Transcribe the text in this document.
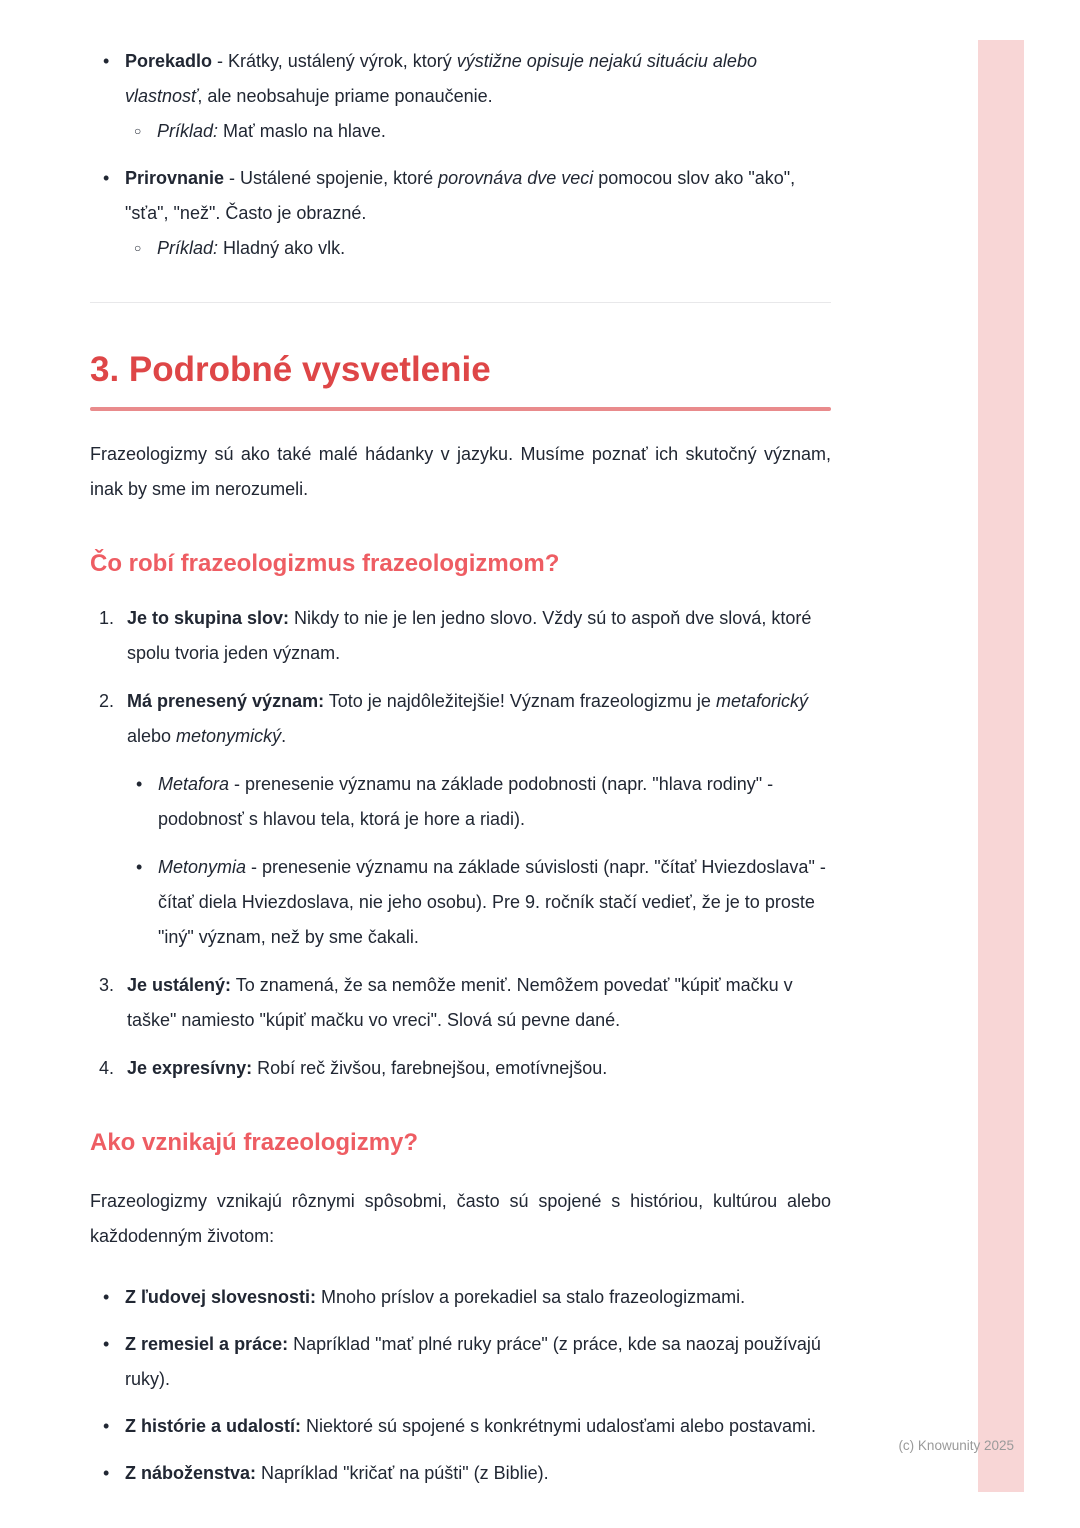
• Porekadlo - Krátky, ustálený výrok, ktorý výstižne opisuje nejakú situáciu alebo vlastnosť, ale neobsahuje priame ponaučenie.

○ Príklad: Mať maslo na hlave.

• Prirovnanie - Ustálené spojenie, ktoré porovnáva dve veci pomocou slov ako "ako", "sťa", "než". Často je obrazné.

○ Príklad: Hladný ako vlk.

3. Podrobné vysvetlenie

Frazeologizmy sú ako také malé hádanky v jazyku. Musíme poznať ich skutočný význam, inak by sme im nerozumeli.

Čo robí frazeologizmus frazeologizmom?
1. Je to skupina slov: Nikdy to nie je len jedno slovo. Vždy sú to aspoň dve slová, ktoré spolu tvoria jeden význam.

2. Má prenesený význam: Toto je najdôležitejšie! Význam frazeologizmu je metaforický alebo metonymický.

• Metafora - prenesenie významu na základe podobnosti (napr. "hlava rodiny" - podobnosť s hlavou tela, ktorá je hore a riadi).

• Metonymia - prenesenie významu na základe súvislosti (napr. "čítať Hviezdoslava" - čítať diela Hviezdoslava, nie jeho osobu). Pre 9. ročník stačí vedieť, že je to proste "iný" význam, než by sme čakali.

3. Je ustálený: To znamená, že sa nemôže meniť. Nemôžem povedať "kúpiť mačku v taške" namiesto "kúpiť mačku vo vreci". Slová sú pevne dané.

4. Je expresívny: Robí reč živšou, farebnejšou, emotívnejšou.

Ako vznikajú frazeologizmy?

Frazeologizmy vznikajú rôznymi spôsobmi, často sú spojené s históriou, kultúrou alebo každodenným životom:

• Z ľudovej slovesnosti: Mnoho príslov a porekadiel sa stalo frazeologizmami.

• Z remesiel a práce: Napríklad "mať plné ruky práce" (z práce, kde sa naozaj používajú ruky).

• Z histórie a udalostí: Niektoré sú spojené s konkrétnymi udalosťami alebo postavami.

• Z náboženstva: Napríklad "kričať na púšti" (z Biblie).

(c) Knowunity 2025
